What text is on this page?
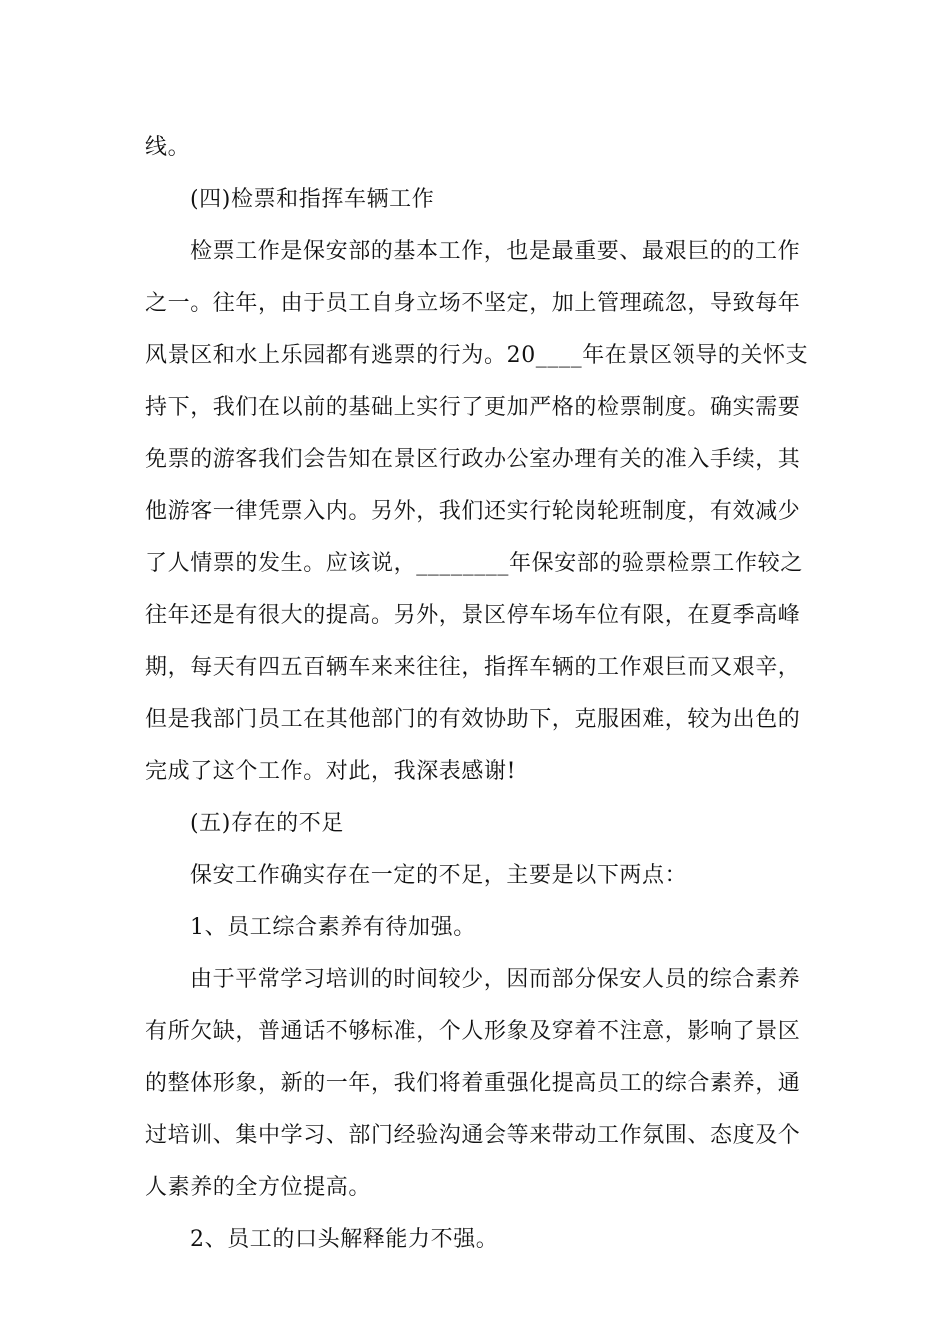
线。
(四)检票和指挥车辆工作
检票工作是保安部的基本工作，也是最重要、最艰巨的的工作
之一。往年，由于员工自身立场不坚定，加上管理疏忽，导致每年
风景区和水上乐园都有逃票的行为。20____年在景区领导的关怀支
持下，我们在以前的基础上实行了更加严格的检票制度。确实需要
免票的游客我们会告知在景区行政办公室办理有关的准入手续，其
他游客一律凭票入内。另外，我们还实行轮岗轮班制度，有效减少
了人情票的发生。应该说，________年保安部的验票检票工作较之
往年还是有很大的提高。另外，景区停车场车位有限，在夏季高峰
期，每天有四五百辆车来来往往，指挥车辆的工作艰巨而又艰辛，
但是我部门员工在其他部门的有效协助下，克服困难，较为出色的
完成了这个工作。对此，我深表感谢!
(五)存在的不足
保安工作确实存在一定的不足，主要是以下两点：
1、员工综合素养有待加强。
由于平常学习培训的时间较少，因而部分保安人员的综合素养
有所欠缺，普通话不够标准，个人形象及穿着不注意，影响了景区
的整体形象，新的一年，我们将着重强化提高员工的综合素养，通
过培训、集中学习、部门经验沟通会等来带动工作氛围、态度及个
人素养的全方位提高。
2、员工的口头解释能力不强。
